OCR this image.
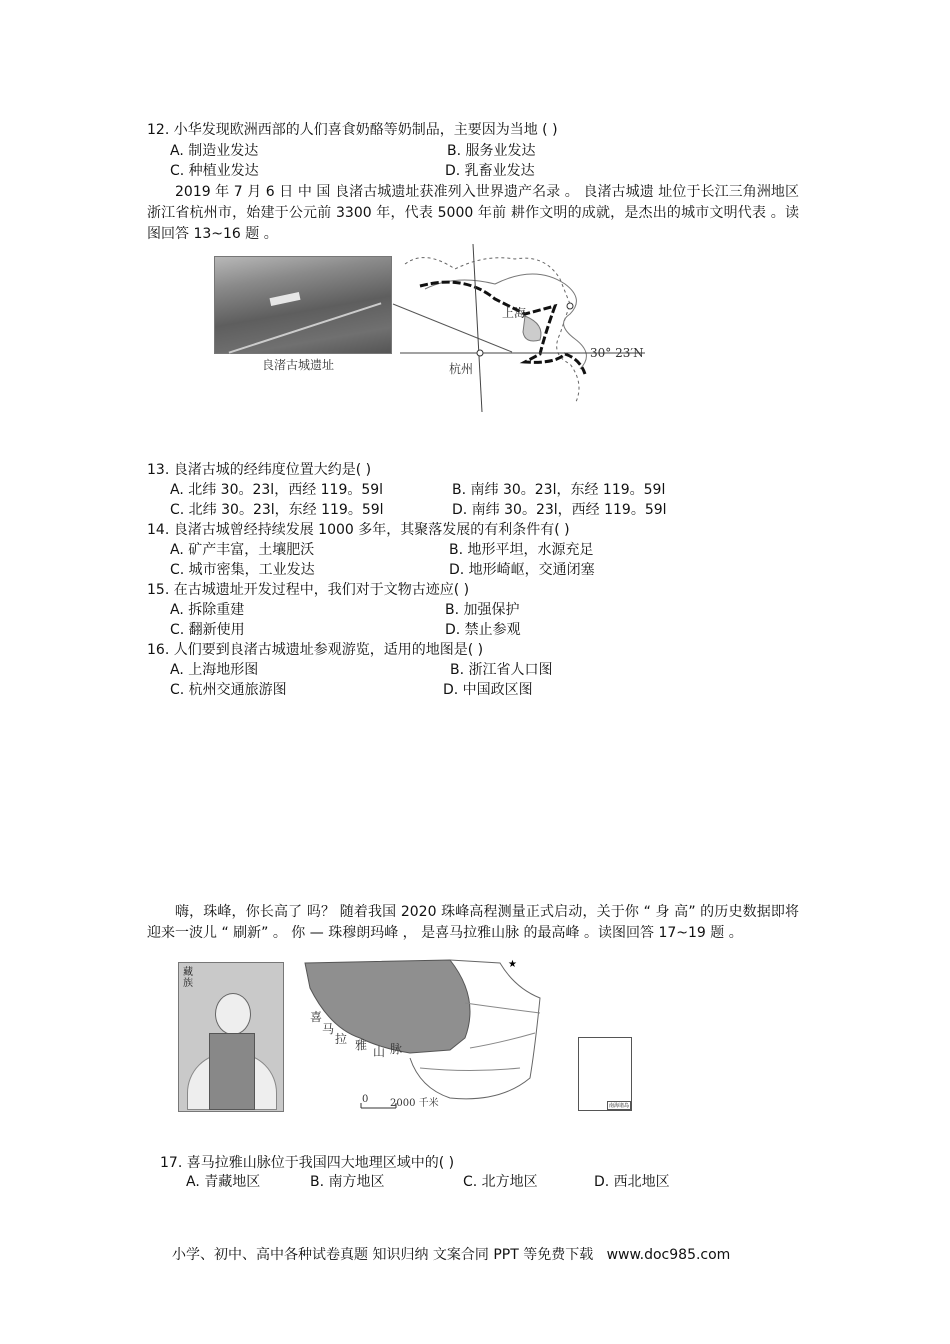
12. 小华发现欧洲西部的人们喜食奶酪等奶制品，主要因为当地 ( )
A. 制造业发达	B. 服务业发达
C. 种植业发达	D. 乳畜业发达
2019 年 7 月 6 日 中 国 良渚古城遗址获准列入世界遗产名录 。 良渚古城遗 址位于长江三角洲地区浙江省杭州市，始建于公元前 3300 年，代表 5000 年前 耕作文明的成就，是杰出的城市文明代表 。读图回答 13~16 题 。
良渚古城遗址
上海
杭州
30° 23′N
13. 良渚古城的经纬度位置大约是( )
A. 北纬 30。23l，西经 119。59l	B. 南纬 30。23l，东经 119。59l
C. 北纬 30。23l，东经 119。59l	D. 南纬 30。23l，西经 119。59l
14. 良渚古城曾经持续发展 1000 多年，其聚落发展的有利条件有( )
A. 矿产丰富，土壤肥沃	B. 地形平坦，水源充足
C. 城市密集，工业发达	D. 地形崎岖，交通闭塞
15. 在古城遗址开发过程中，我们对于文物古迹应( )
A. 拆除重建	B. 加强保护
C. 翻新使用	D. 禁止参观
16. 人们要到良渚古城遗址参观游览，适用的地图是( )
A. 上海地形图	B. 浙江省人口图
C. 杭州交通旅游图	D. 中国政区图
嗨，珠峰，你长高了 吗？ 随着我国 2020 珠峰高程测量正式启动，关于你 “ 身 高” 的历史数据即将迎来一波儿 “ 刷新” 。 你 — 珠穆朗玛峰 ， 是喜马拉雅山脉 的最高峰 。读图回答 17~19 题 。
藏族
★
喜
马
拉 雅 山 脉
0 2000 千米	南海诸岛
17. 喜马拉雅山脉位于我国四大地理区域中的( )
A. 青藏地区	B. 南方地区	C. 北方地区	D. 西北地区
小学、初中、高中各种试卷真题 知识归纳 文案合同 PPT 等免费下载   www.doc985.com
